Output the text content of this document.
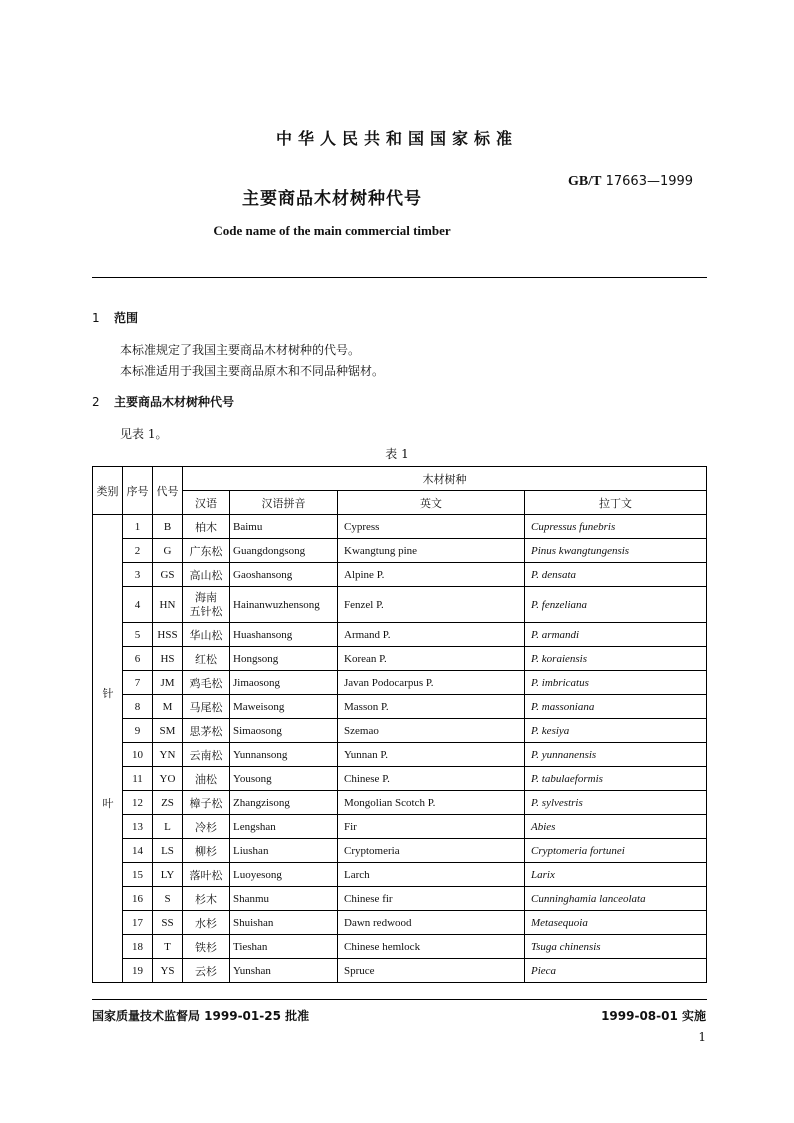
中华人民共和国国家标准
GB/T 17663—1999
主要商品木材树种代号
Code name of the main commercial timber
1 范围
本标准规定了我国主要商品木材树种的代号。
本标准适用于我国主要商品原木和不同品种锯材。
2 主要商品木材树种代号
见表 1。
表 1
类别	序号	代号	木材树种			
			汉语	汉语拼音	英文	拉丁文

针
叶	1	B	柏木	Baimu	Cypress	Cupressus funebris
	2	G	广东松	Guangdongsong	Kwangtung pine	Pinus kwangtungensis
	3	GS	高山松	Gaoshansong	Alpine P.	P. densata
	4	HN	海南
五针松	Hainanwuzhensong	Fenzel P.	P. fenzeliana
	5	HSS	华山松	Huashansong	Armand P.	P. armandi
	6	HS	红松	Hongsong	Korean P.	P. koraiensis
	7	JM	鸡毛松	Jimaosong	Javan Podocarpus P.	P. imbricatus
	8	M	马尾松	Maweisong	Masson P.	P. massoniana
	9	SM	思茅松	Simaosong	Szemao	P. kesiya
	10	YN	云南松	Yunnansong	Yunnan P.	P. yunnanensis
	11	YO	油松	Yousong	Chinese P.	P. tabulaeformis
	12	ZS	樟子松	Zhangzisong	Mongolian Scotch P.	P. sylvestris
	13	L	冷杉	Lengshan	Fir	Abies
	14	LS	柳杉	Liushan	Cryptomeria	Cryptomeria fortunei
	15	LY	落叶松	Luoyesong	Larch	Larix
	16	S	杉木	Shanmu	Chinese fir	Cunninghamia lanceolata
	17	SS	水杉	Shuishan	Dawn redwood	Metasequoia
	18	T	铁杉	Tieshan	Chinese hemlock	Tsuga chinensis
	19	YS	云杉	Yunshan	Spruce	Pieca
国家质量技术监督局 1999-01-25 批准	1999-08-01 实施
1
